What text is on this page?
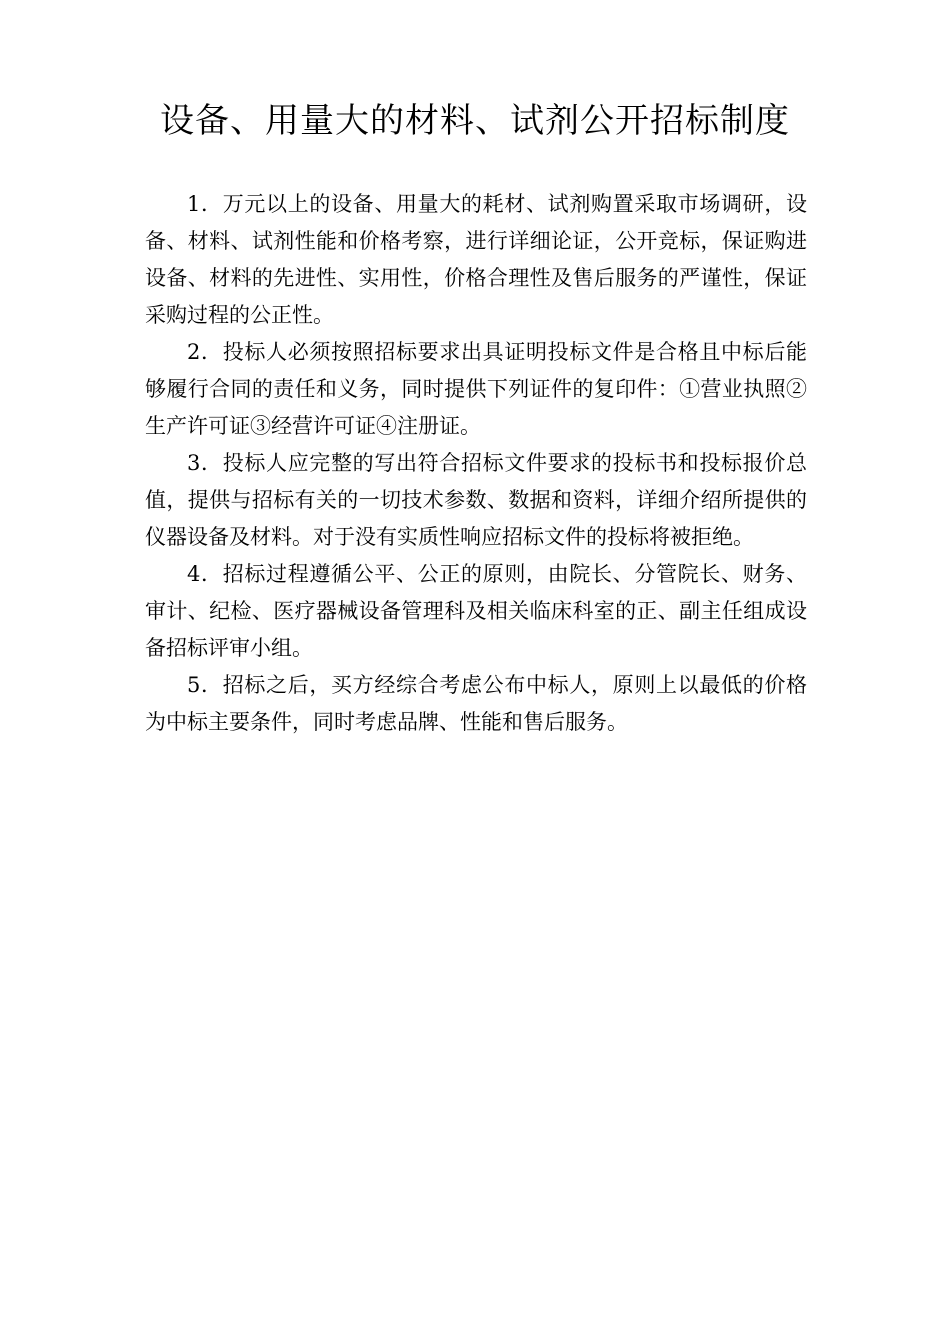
设备、用量大的材料、试剂公开招标制度

1．万元以上的设备、用量大的耗材、试剂购置采取市场调研，设备、材料、试剂性能和价格考察，进行详细论证，公开竞标，保证购进设备、材料的先进性、实用性，价格合理性及售后服务的严谨性，保证采购过程的公正性。

2．投标人必须按照招标要求出具证明投标文件是合格且中标后能够履行合同的责任和义务，同时提供下列证件的复印件：①营业执照②生产许可证③经营许可证④注册证。

3．投标人应完整的写出符合招标文件要求的投标书和投标报价总值，提供与招标有关的一切技术参数、数据和资料，详细介绍所提供的仪器设备及材料。对于没有实质性响应招标文件的投标将被拒绝。

4．招标过程遵循公平、公正的原则，由院长、分管院长、财务、审计、纪检、医疗器械设备管理科及相关临床科室的正、副主任组成设备招标评审小组。

5．招标之后，买方经综合考虑公布中标人，原则上以最低的价格为中标主要条件，同时考虑品牌、性能和售后服务。
